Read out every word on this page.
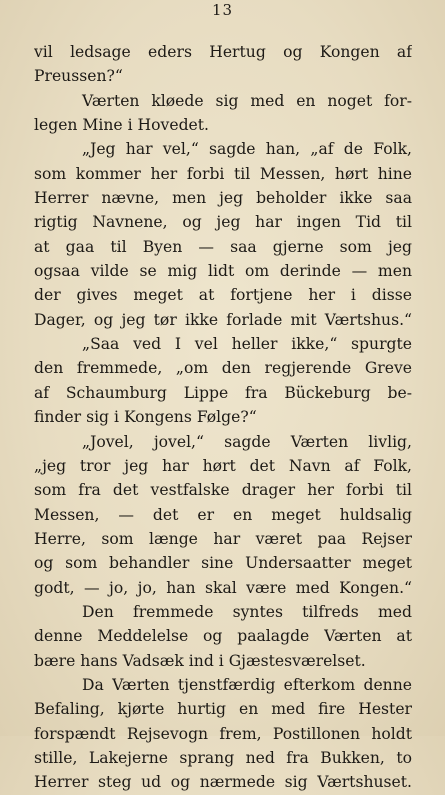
13
vil ledsage eders Hertug og Kongen af
Preussen?“
Værten kløede sig med en noget for-
legen Mine i Hovedet.
„Jeg har vel,“ sagde han, „af de Folk,
som kommer her forbi til Messen, hørt hine
Herrer nævne, men jeg beholder ikke saa
rigtig Navnene, og jeg har ingen Tid til
at gaa til Byen — saa gjerne som jeg
ogsaa vilde se mig lidt om derinde — men
der gives meget at fortjene her i disse
Dager, og jeg tør ikke forlade mit Værtshus.“
„Saa ved I vel heller ikke,“ spurgte
den fremmede, „om den regjerende Greve
af Schaumburg Lippe fra Bückeburg be-
finder sig i Kongens Følge?“
„Jovel, jovel,“ sagde Værten livlig,
„jeg tror jeg har hørt det Navn af Folk,
som fra det vestfalske drager her forbi til
Messen, — det er en meget huldsalig
Herre, som længe har været paa Rejser
og som behandler sine Undersaatter meget
godt, — jo, jo, han skal være med Kongen.“
Den fremmede syntes tilfreds med
denne Meddelelse og paalagde Værten at
bære hans Vadsæk ind i Gjæstesværelset.
Da Værten tjenstfærdig efterkom denne
Befaling, kjørte hurtig en med fire Hester
forspændt Rejsevogn frem, Postillonen holdt
stille, Lakejerne sprang ned fra Bukken, to
Herrer steg ud og nærmede sig Værtshuset.
